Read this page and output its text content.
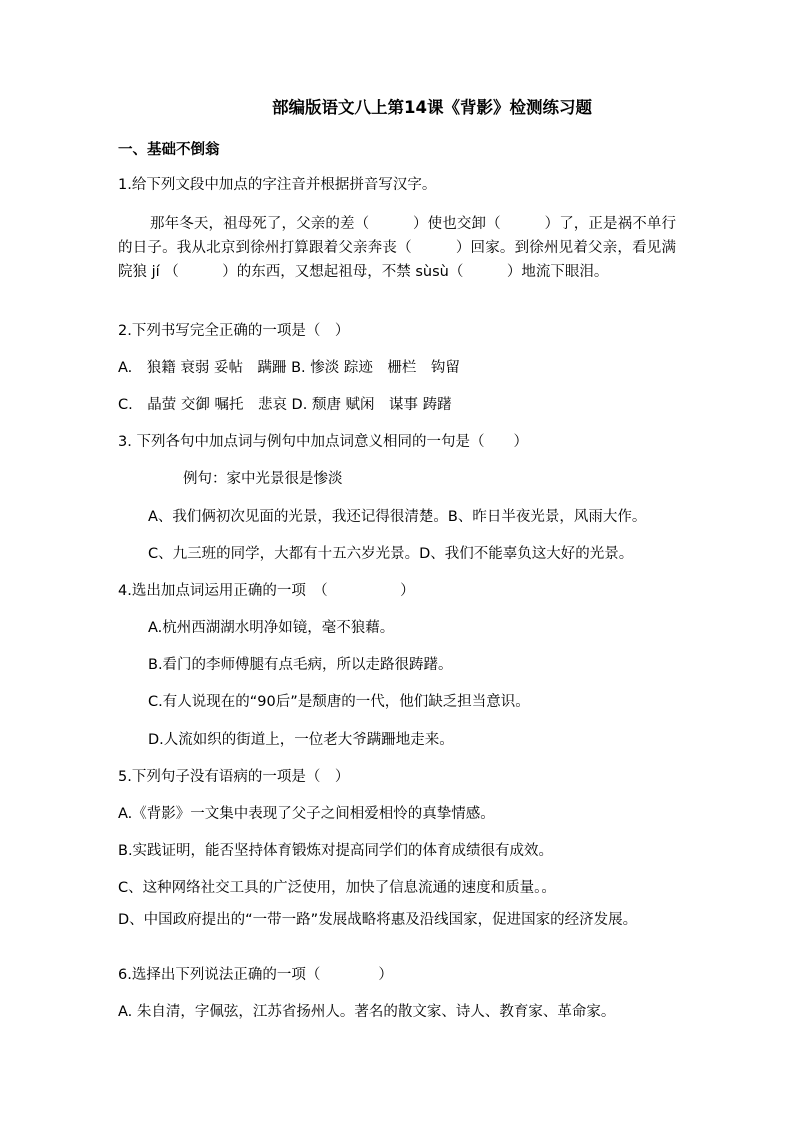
部编版语文八上第14课《背影》检测练习题
一、基础不倒翁
1.给下列文段中加点的字注音并根据拼音写汉字。
那年冬天，祖母死了，父亲的差（　　　）使也交卸（　　　）了，正是祸不单行的日子。我从北京到徐州打算跟着父亲奔丧（　　　）回家。到徐州见着父亲，看见满院狼 jí （　　　）的东西，又想起祖母，不禁 sùsù（　　　）地流下眼泪。
2.下列书写完全正确的一项是（　）
A.　狼籍 衰弱 妥帖　蹒跚 B. 惨淡 踪迹　栅栏　钩留
C.　晶萤 交御 嘱托　悲哀 D. 颓唐 赋闲　谋事 踌躇
3. 下列各句中加点词与例句中加点词意义相同的一句是（　　）
例句：家中光景很是惨淡
A、我们俩初次见面的光景，我还记得很清楚。B、昨日半夜光景，风雨大作。
C、九三班的同学，大都有十五六岁光景。D、我们不能辜负这大好的光景。
4.选出加点词运用正确的一项　（　　　　　）
A.杭州西湖湖水明净如镜，毫不狼藉。
B.看门的李师傅腿有点毛病，所以走路很踌躇。
C.有人说现在的“90后”是颓唐的一代，他们缺乏担当意识。
D.人流如织的街道上，一位老大爷蹒跚地走来。
5.下列句子没有语病的一项是（　）
A.《背影》一文集中表现了父子之间相爱相怜的真挚情感。
B.实践证明，能否坚持体育锻炼对提高同学们的体育成绩很有成效。
C、这种网络社交工具的广泛使用，加快了信息流通的速度和质量。。
D、中国政府提出的“一带一路”发展战略将惠及沿线国家，促进国家的经济发展。
6.选择出下列说法正确的一项（　　　　）
A. 朱自清，字佩弦，江苏省扬州人。著名的散文家、诗人、教育家、革命家。
